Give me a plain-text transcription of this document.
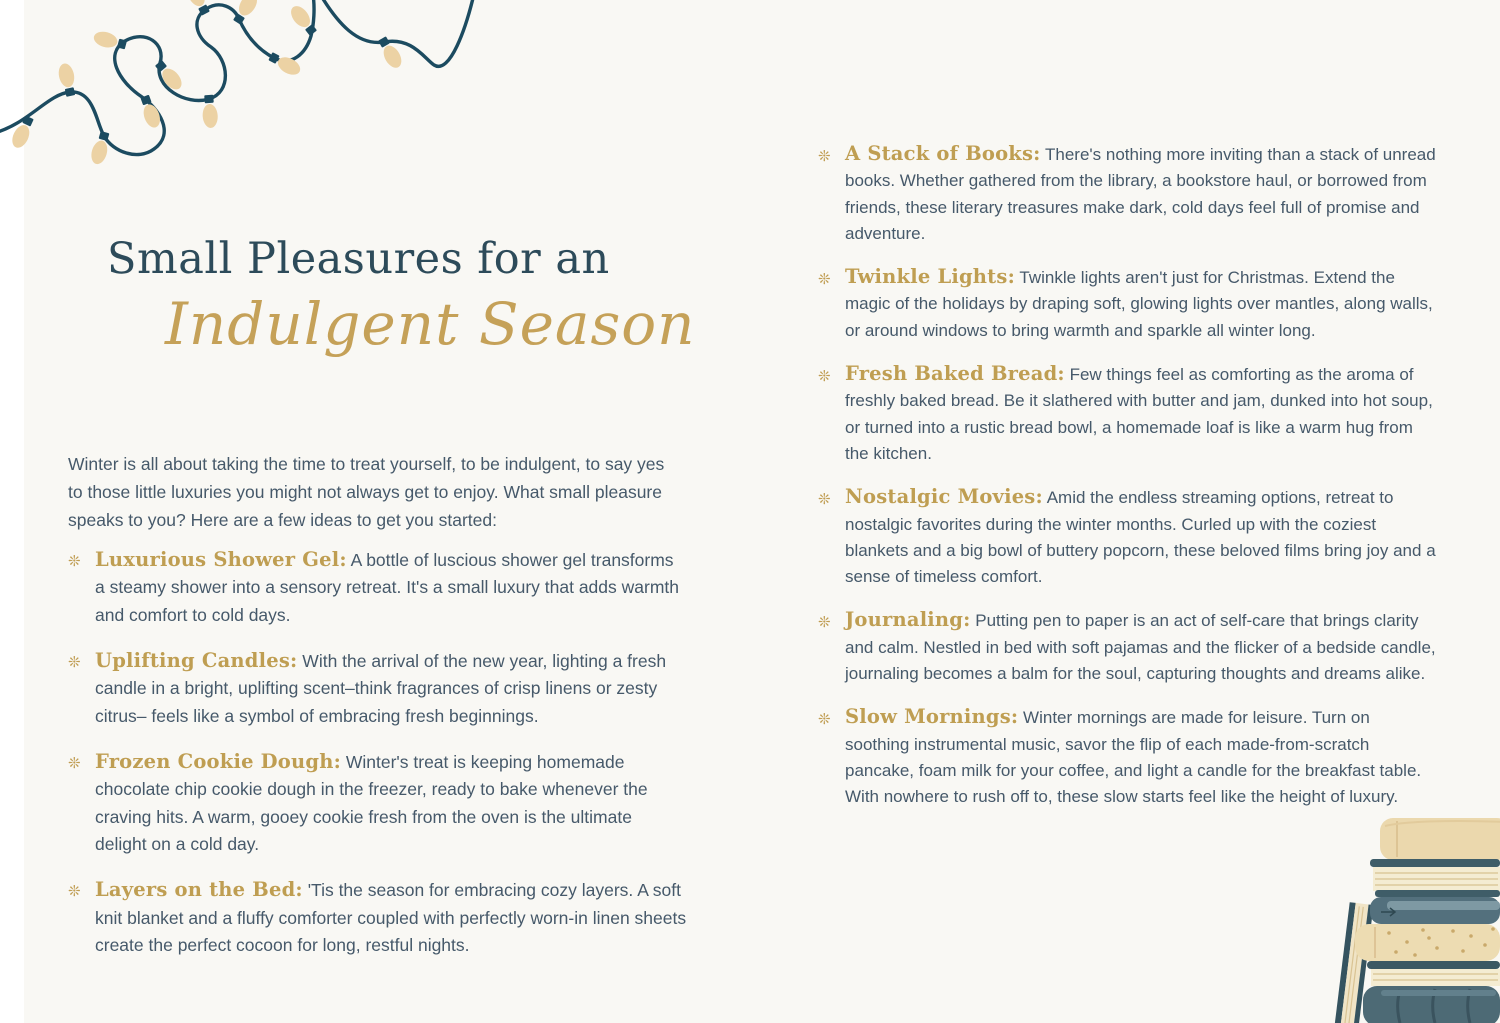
Small Pleasures for an
Indulgent Season

Winter is all about taking the time to treat yourself, to be indulgent, to say yes to those little luxuries you might not always get to enjoy. What small pleasure speaks to you? Here are a few ideas to get you started:

❊ Luxurious Shower Gel: A bottle of luscious shower gel transforms a steamy shower into a sensory retreat. It's a small luxury that adds warmth and comfort to cold days.

❊ Uplifting Candles: With the arrival of the new year, lighting a fresh candle in a bright, uplifting scent–think fragrances of crisp linens or zesty citrus– feels like a symbol of embracing fresh beginnings.

❊ Frozen Cookie Dough: Winter's treat is keeping homemade chocolate chip cookie dough in the freezer, ready to bake whenever the craving hits. A warm, gooey cookie fresh from the oven is the ultimate delight on a cold day.

❊ Layers on the Bed: 'Tis the season for embracing cozy layers. A soft knit blanket and a fluffy comforter coupled with perfectly worn-in linen sheets create the perfect cocoon for long, restful nights.

❊ A Stack of Books: There's nothing more inviting than a stack of unread books. Whether gathered from the library, a bookstore haul, or borrowed from friends, these literary treasures make dark, cold days feel full of promise and adventure.

❊ Twinkle Lights: Twinkle lights aren't just for Christmas. Extend the magic of the holidays by draping soft, glowing lights over mantles, along walls, or around windows to bring warmth and sparkle all winter long.

❊ Fresh Baked Bread: Few things feel as comforting as the aroma of freshly baked bread. Be it slathered with butter and jam, dunked into hot soup, or turned into a rustic bread bowl, a homemade loaf is like a warm hug from the kitchen.

❊ Nostalgic Movies: Amid the endless streaming options, retreat to nostalgic favorites during the winter months. Curled up with the coziest blankets and a big bowl of buttery popcorn, these beloved films bring joy and a sense of timeless comfort.

❊ Journaling: Putting pen to paper is an act of self-care that brings clarity and calm. Nestled in bed with soft pajamas and the flicker of a bedside candle, journaling becomes a balm for the soul, capturing thoughts and dreams alike.

❊ Slow Mornings: Winter mornings are made for leisure. Turn on soothing instrumental music, savor the flip of each made-from-scratch pancake, foam milk for your coffee, and light a candle for the breakfast table. With nowhere to rush off to, these slow starts feel like the height of luxury.
